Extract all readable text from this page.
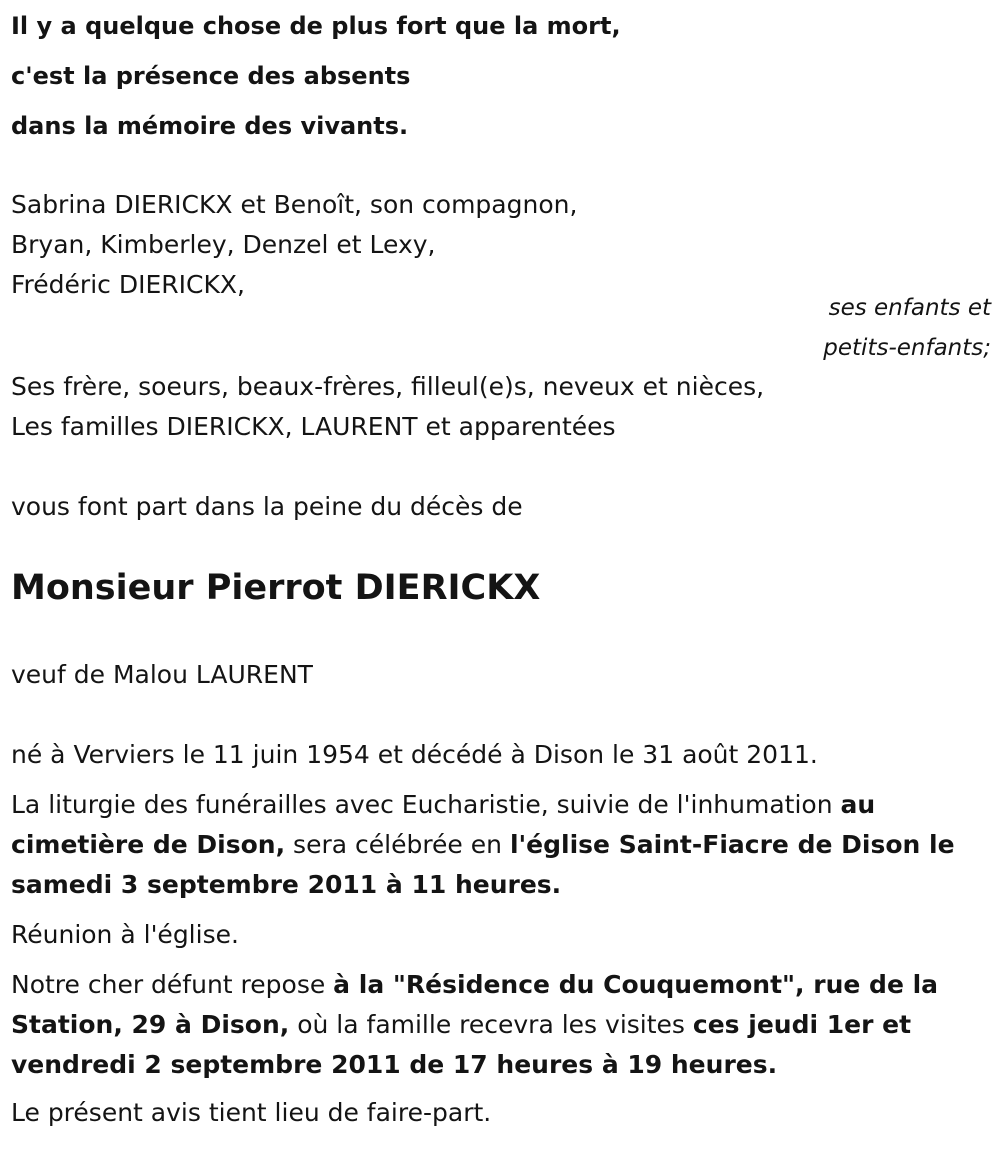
Il y a quelque chose de plus fort que la mort,
c'est la présence des absents
dans la mémoire des vivants.
Sabrina DIERICKX et Benoît, son compagnon,
Bryan, Kimberley, Denzel et Lexy,
Frédéric DIERICKX,
ses enfants et
petits-enfants;
Ses frère, soeurs, beaux-frères, filleul(e)s, neveux et nièces,
Les familles DIERICKX, LAURENT et apparentées
vous font part dans la peine du décès de
Monsieur Pierrot DIERICKX
veuf de Malou LAURENT
né à Verviers le 11 juin 1954 et décédé à Dison le 31 août 2011.
La liturgie des funérailles avec Eucharistie, suivie de l'inhumation au cimetière de Dison, sera célébrée en l'église Saint-Fiacre de Dison le samedi 3 septembre 2011 à 11 heures.
Réunion à l'église.
Notre cher défunt repose à la "Résidence du Couquemont", rue de la Station, 29 à Dison, où la famille recevra les visites ces jeudi 1er et vendredi 2 septembre 2011 de 17 heures à 19 heures.
Le présent avis tient lieu de faire-part.
